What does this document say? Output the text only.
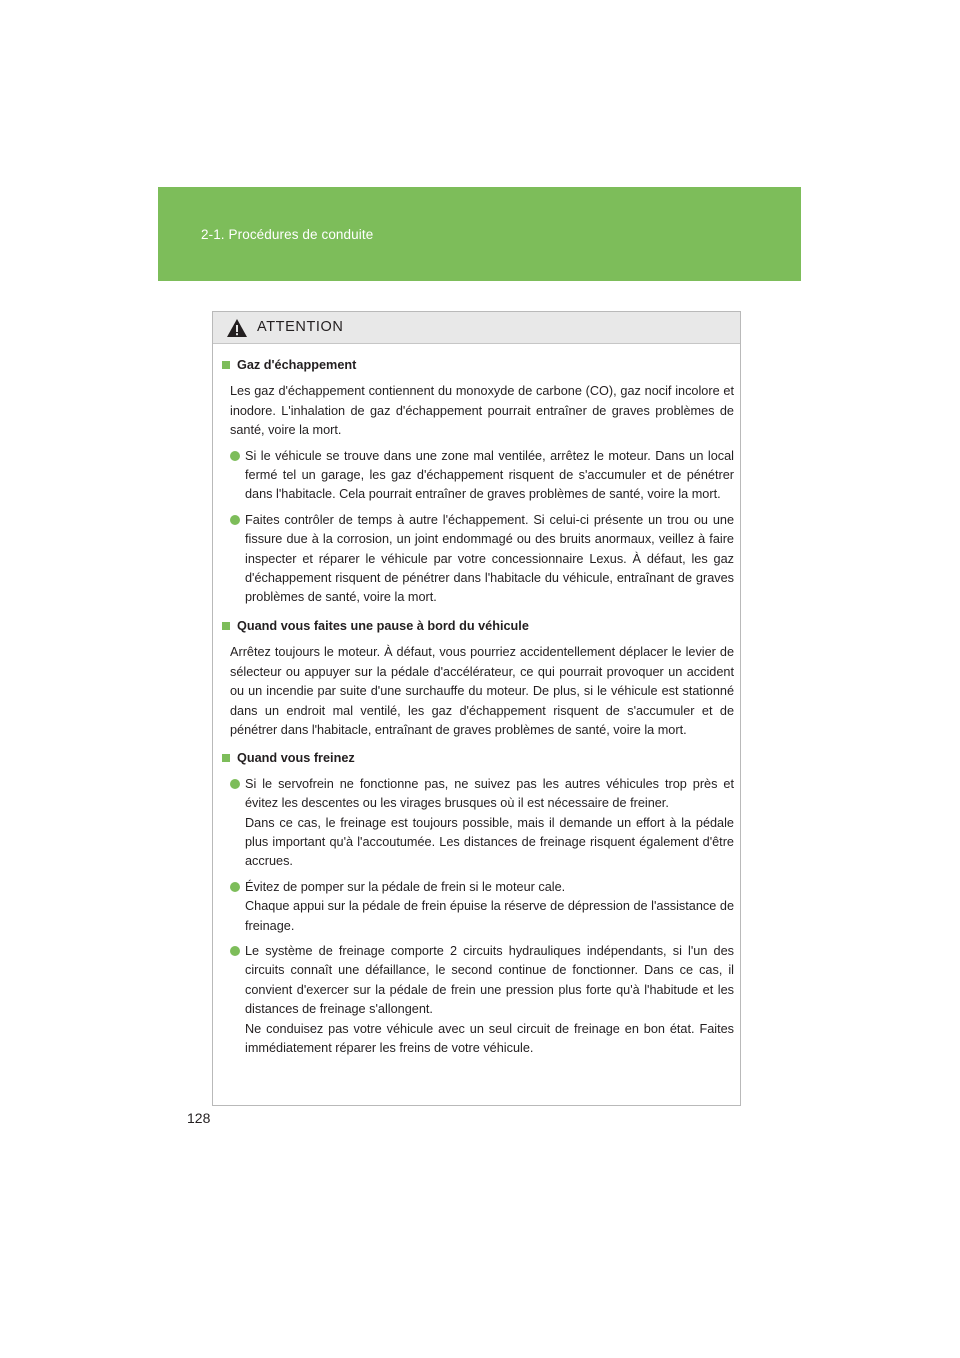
2-1. Procédures de conduite
128
ATTENTION
Gaz d'échappement
Les gaz d'échappement contiennent du monoxyde de carbone (CO), gaz nocif incolore et inodore. L'inhalation de gaz d'échappement pourrait entraîner de graves problèmes de santé, voire la mort.

Si le véhicule se trouve dans une zone mal ventilée, arrêtez le moteur. Dans un local fermé tel un garage, les gaz d'échappement risquent de s'accumuler et de pénétrer dans l'habitacle. Cela pourrait entraîner de graves problèmes de santé, voire la mort.

Faites contrôler de temps à autre l'échappement. Si celui-ci présente un trou ou une fissure due à la corrosion, un joint endommagé ou des bruits anormaux, veillez à faire inspecter et réparer le véhicule par votre concessionnaire Lexus. À défaut, les gaz d'échappement risquent de pénétrer dans l'habitacle du véhicule, entraînant de graves problèmes de santé, voire la mort.

Quand vous faites une pause à bord du véhicule
Arrêtez toujours le moteur. À défaut, vous pourriez accidentellement déplacer le levier de sélecteur ou appuyer sur la pédale d'accélérateur, ce qui pourrait provoquer un accident ou un incendie par suite d'une surchauffe du moteur. De plus, si le véhicule est stationné dans un endroit mal ventilé, les gaz d'échappement risquent de s'accumuler et de pénétrer dans l'habitacle, entraînant de graves problèmes de santé, voire la mort.
Quand vous freinez

Si le servofrein ne fonctionne pas, ne suivez pas les autres véhicules trop près et évitez les descentes ou les virages brusques où il est nécessaire de freiner.

Dans ce cas, le freinage est toujours possible, mais il demande un effort à la pédale plus important qu'à l'accoutumée. Les distances de freinage risquent également d'être accrues.

Évitez de pomper sur la pédale de frein si le moteur cale.

Chaque appui sur la pédale de frein épuise la réserve de dépression de l'assistance de freinage.

Le système de freinage comporte 2 circuits hydrauliques indépendants, si l'un des circuits connaît une défaillance, le second continue de fonctionner. Dans ce cas, il convient d'exercer sur la pédale de frein une pression plus forte qu'à l'habitude et les distances de freinage s'allongent.

Ne conduisez pas votre véhicule avec un seul circuit de freinage en bon état. Faites immédiatement réparer les freins de votre véhicule.
